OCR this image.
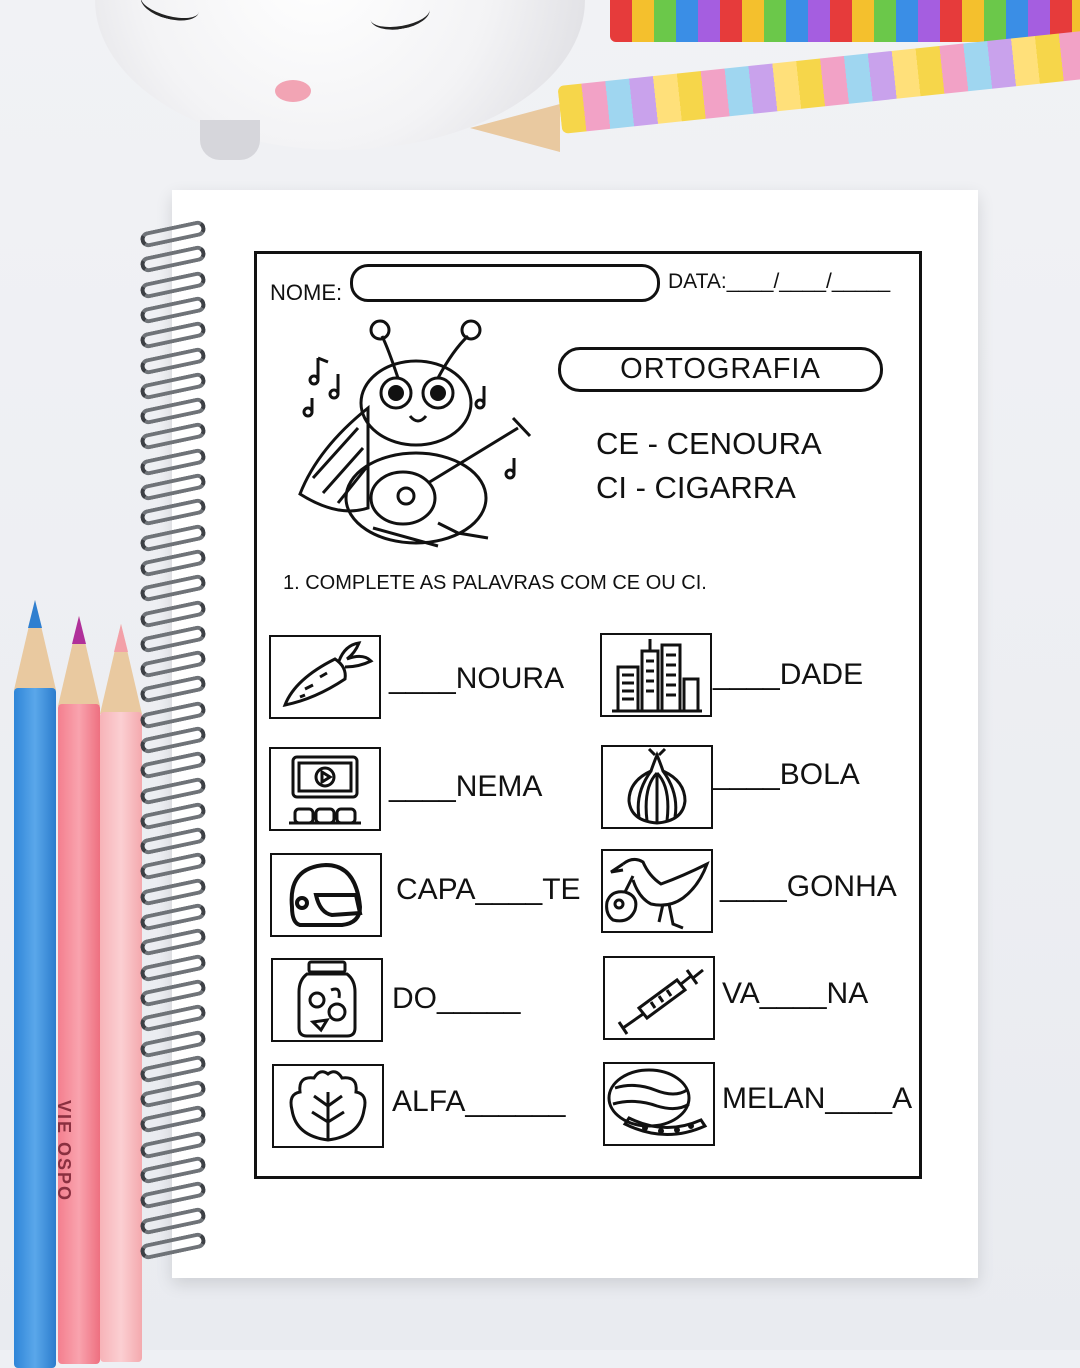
VIE OSPO
NOME:	DATA:____/____/_____
ORTOGRAFIA
CE - CENOURA
CI - CIGARRA
1. COMPLETE AS PALAVRAS COM CE OU CI.
____NOURA
____NEMA
CAPA____TE
DO_____
ALFA______
____DADE
____BOLA
____GONHA
VA____NA
MELAN____A
